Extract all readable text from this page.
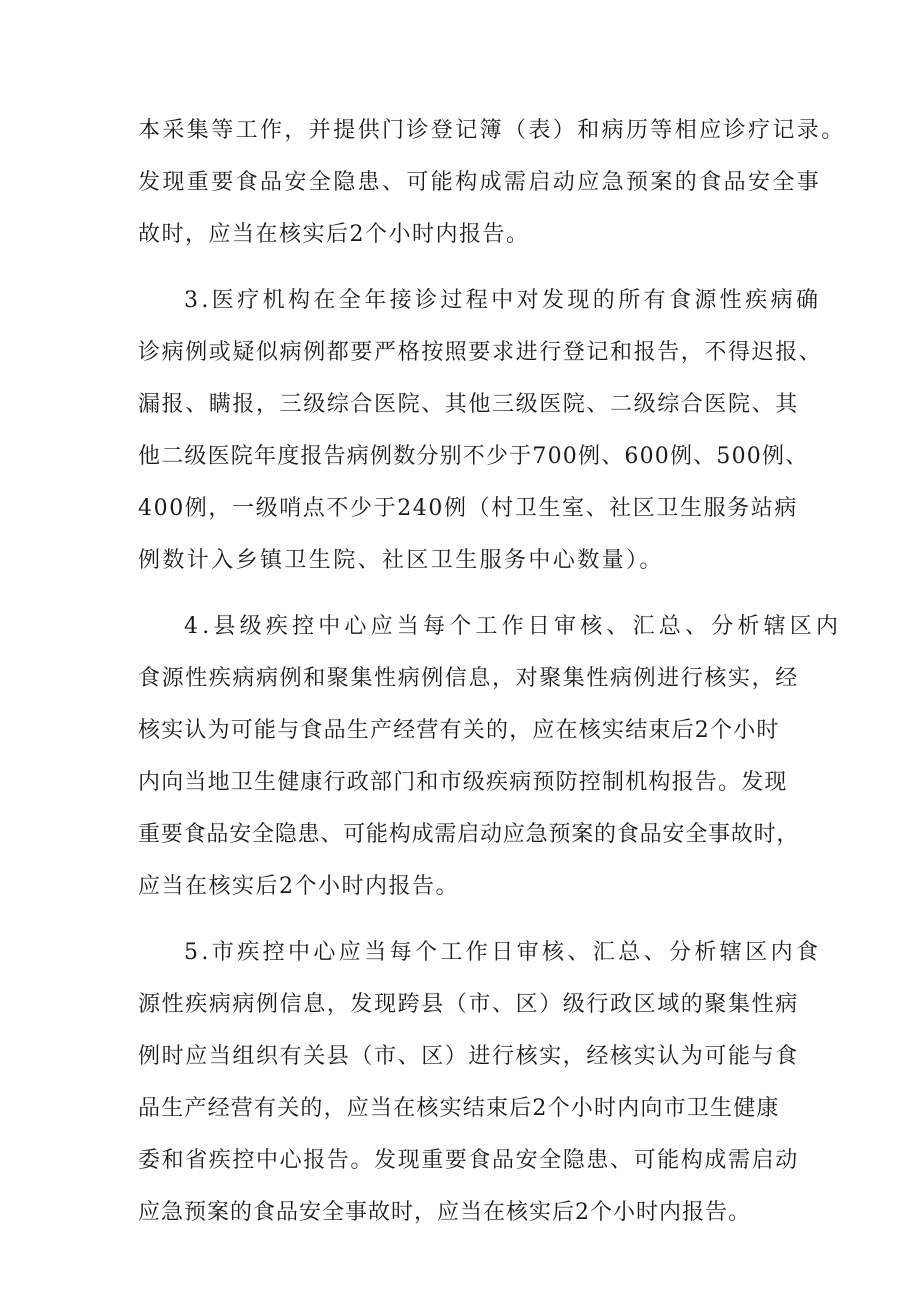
本采集等工作，并提供门诊登记簿（表）和病历等相应诊疗记录。
发现重要食品安全隐患、可能构成需启动应急预案的食品安全事
故时，应当在核实后2个小时内报告。
3.医疗机构在全年接诊过程中对发现的所有食源性疾病确
诊病例或疑似病例都要严格按照要求进行登记和报告，不得迟报、
漏报、瞒报，三级综合医院、其他三级医院、二级综合医院、其
他二级医院年度报告病例数分别不少于700例、600例、500例、
400例，一级哨点不少于240例（村卫生室、社区卫生服务站病
例数计入乡镇卫生院、社区卫生服务中心数量）。
4.县级疾控中心应当每个工作日审核、汇总、分析辖区内
食源性疾病病例和聚集性病例信息，对聚集性病例进行核实，经
核实认为可能与食品生产经营有关的，应在核实结束后2个小时
内向当地卫生健康行政部门和市级疾病预防控制机构报告。发现
重要食品安全隐患、可能构成需启动应急预案的食品安全事故时，
应当在核实后2个小时内报告。
5.市疾控中心应当每个工作日审核、汇总、分析辖区内食
源性疾病病例信息，发现跨县（市、区）级行政区域的聚集性病
例时应当组织有关县（市、区）进行核实，经核实认为可能与食
品生产经营有关的，应当在核实结束后2个小时内向市卫生健康
委和省疾控中心报告。发现重要食品安全隐患、可能构成需启动
应急预案的食品安全事故时，应当在核实后2个小时内报告。
